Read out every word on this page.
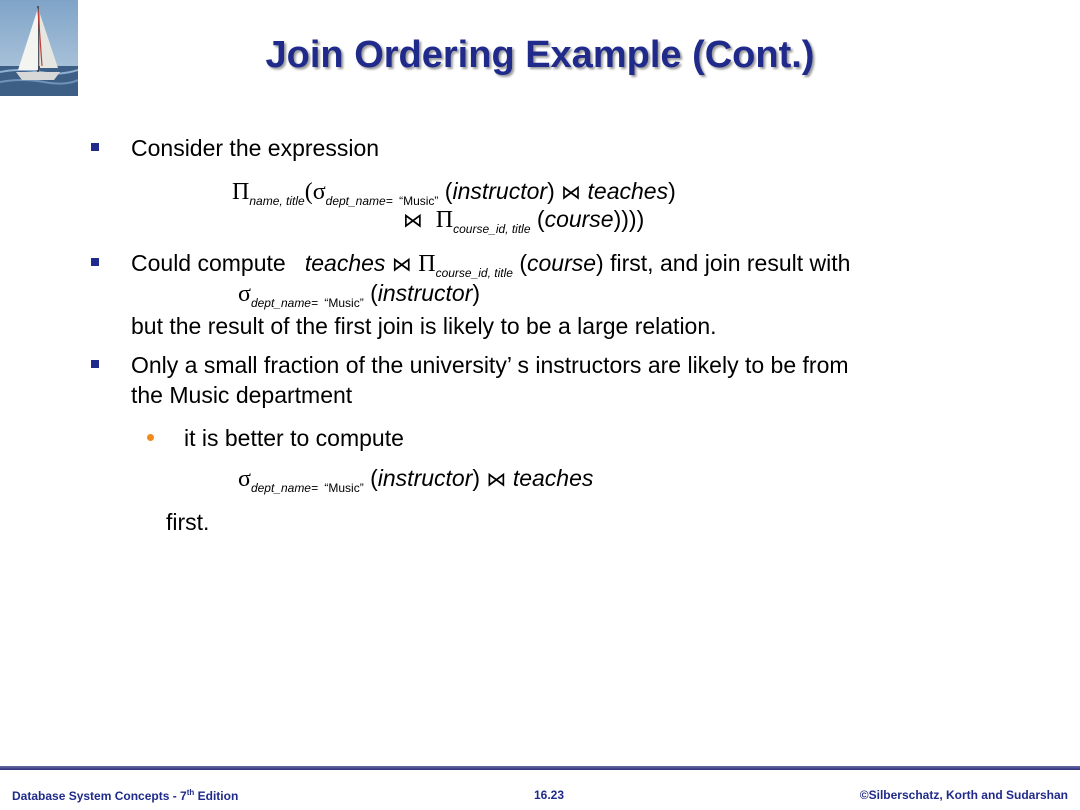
Join Ordering Example (Cont.)
Consider the expression
$\Pi_{name, title}(\sigma_{dept\_name=}$ $_{“Music”}$ (instructor) ⋈ teaches)
⋈ $\Pi_{course\_id, title}$ (course))))
Could compute teaches ⋈ $\Pi_{course\_id, title}$ (course) first, and join result with
$\sigma_{dept\_name=}$ $_{“Music”}$ (instructor)
but the result of the first join is likely to be a large relation.
Only a small fraction of the university’ s instructors are likely to be from
the Music department
it is better to compute
$\sigma_{dept\_name=}$ $_{“Music”}$ (instructor) ⋈ teaches
first.
Database System Concepts - 7th Edition	16.23	©Silberschatz, Korth and Sudarshan
